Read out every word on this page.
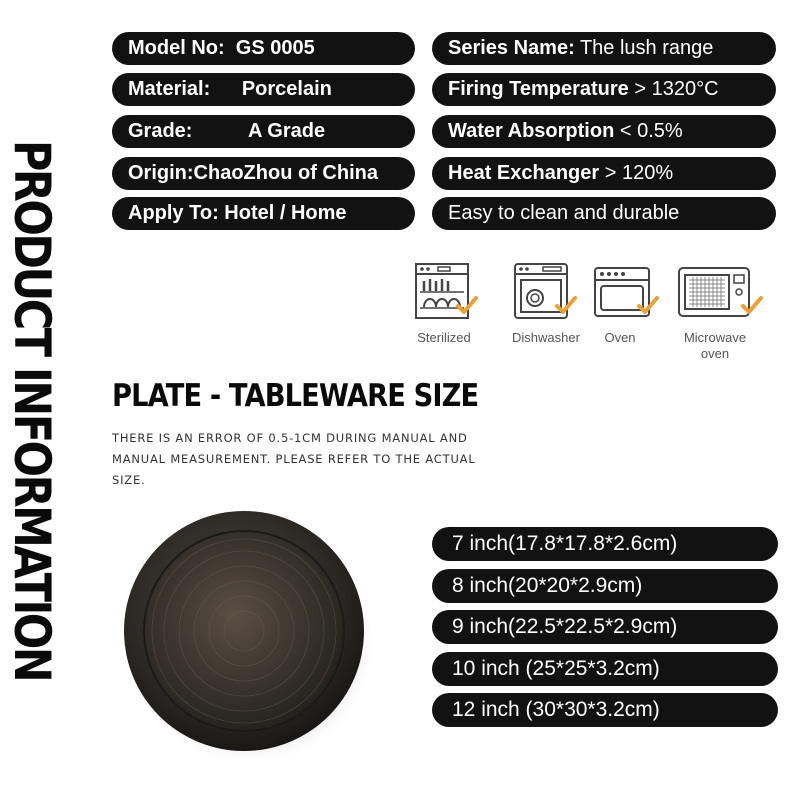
PRODUCT INFORMATION
Model No: GS 0005
Material: Porcelain
Grade:	A Grade
Origin:ChaoZhou of China
Apply To: Hotel / Home
Series Name: The lush range
Firing Temperature > 1320°C
Water Absorption < 0.5%
Heat Exchanger > 120%
Easy to clean and durable
Sterilized	Dishwasher	Oven	Microwave oven
PLATE - TABLEWARE SIZE
THERE IS AN ERROR OF 0.5-1CM DURING MANUAL AND MANUAL MEASUREMENT. PLEASE REFER TO THE ACTUAL SIZE.
7 inch(17.8*17.8*2.6cm)
8 inch(20*20*2.9cm)
9 inch(22.5*22.5*2.9cm)
10 inch (25*25*3.2cm)
12 inch (30*30*3.2cm)
